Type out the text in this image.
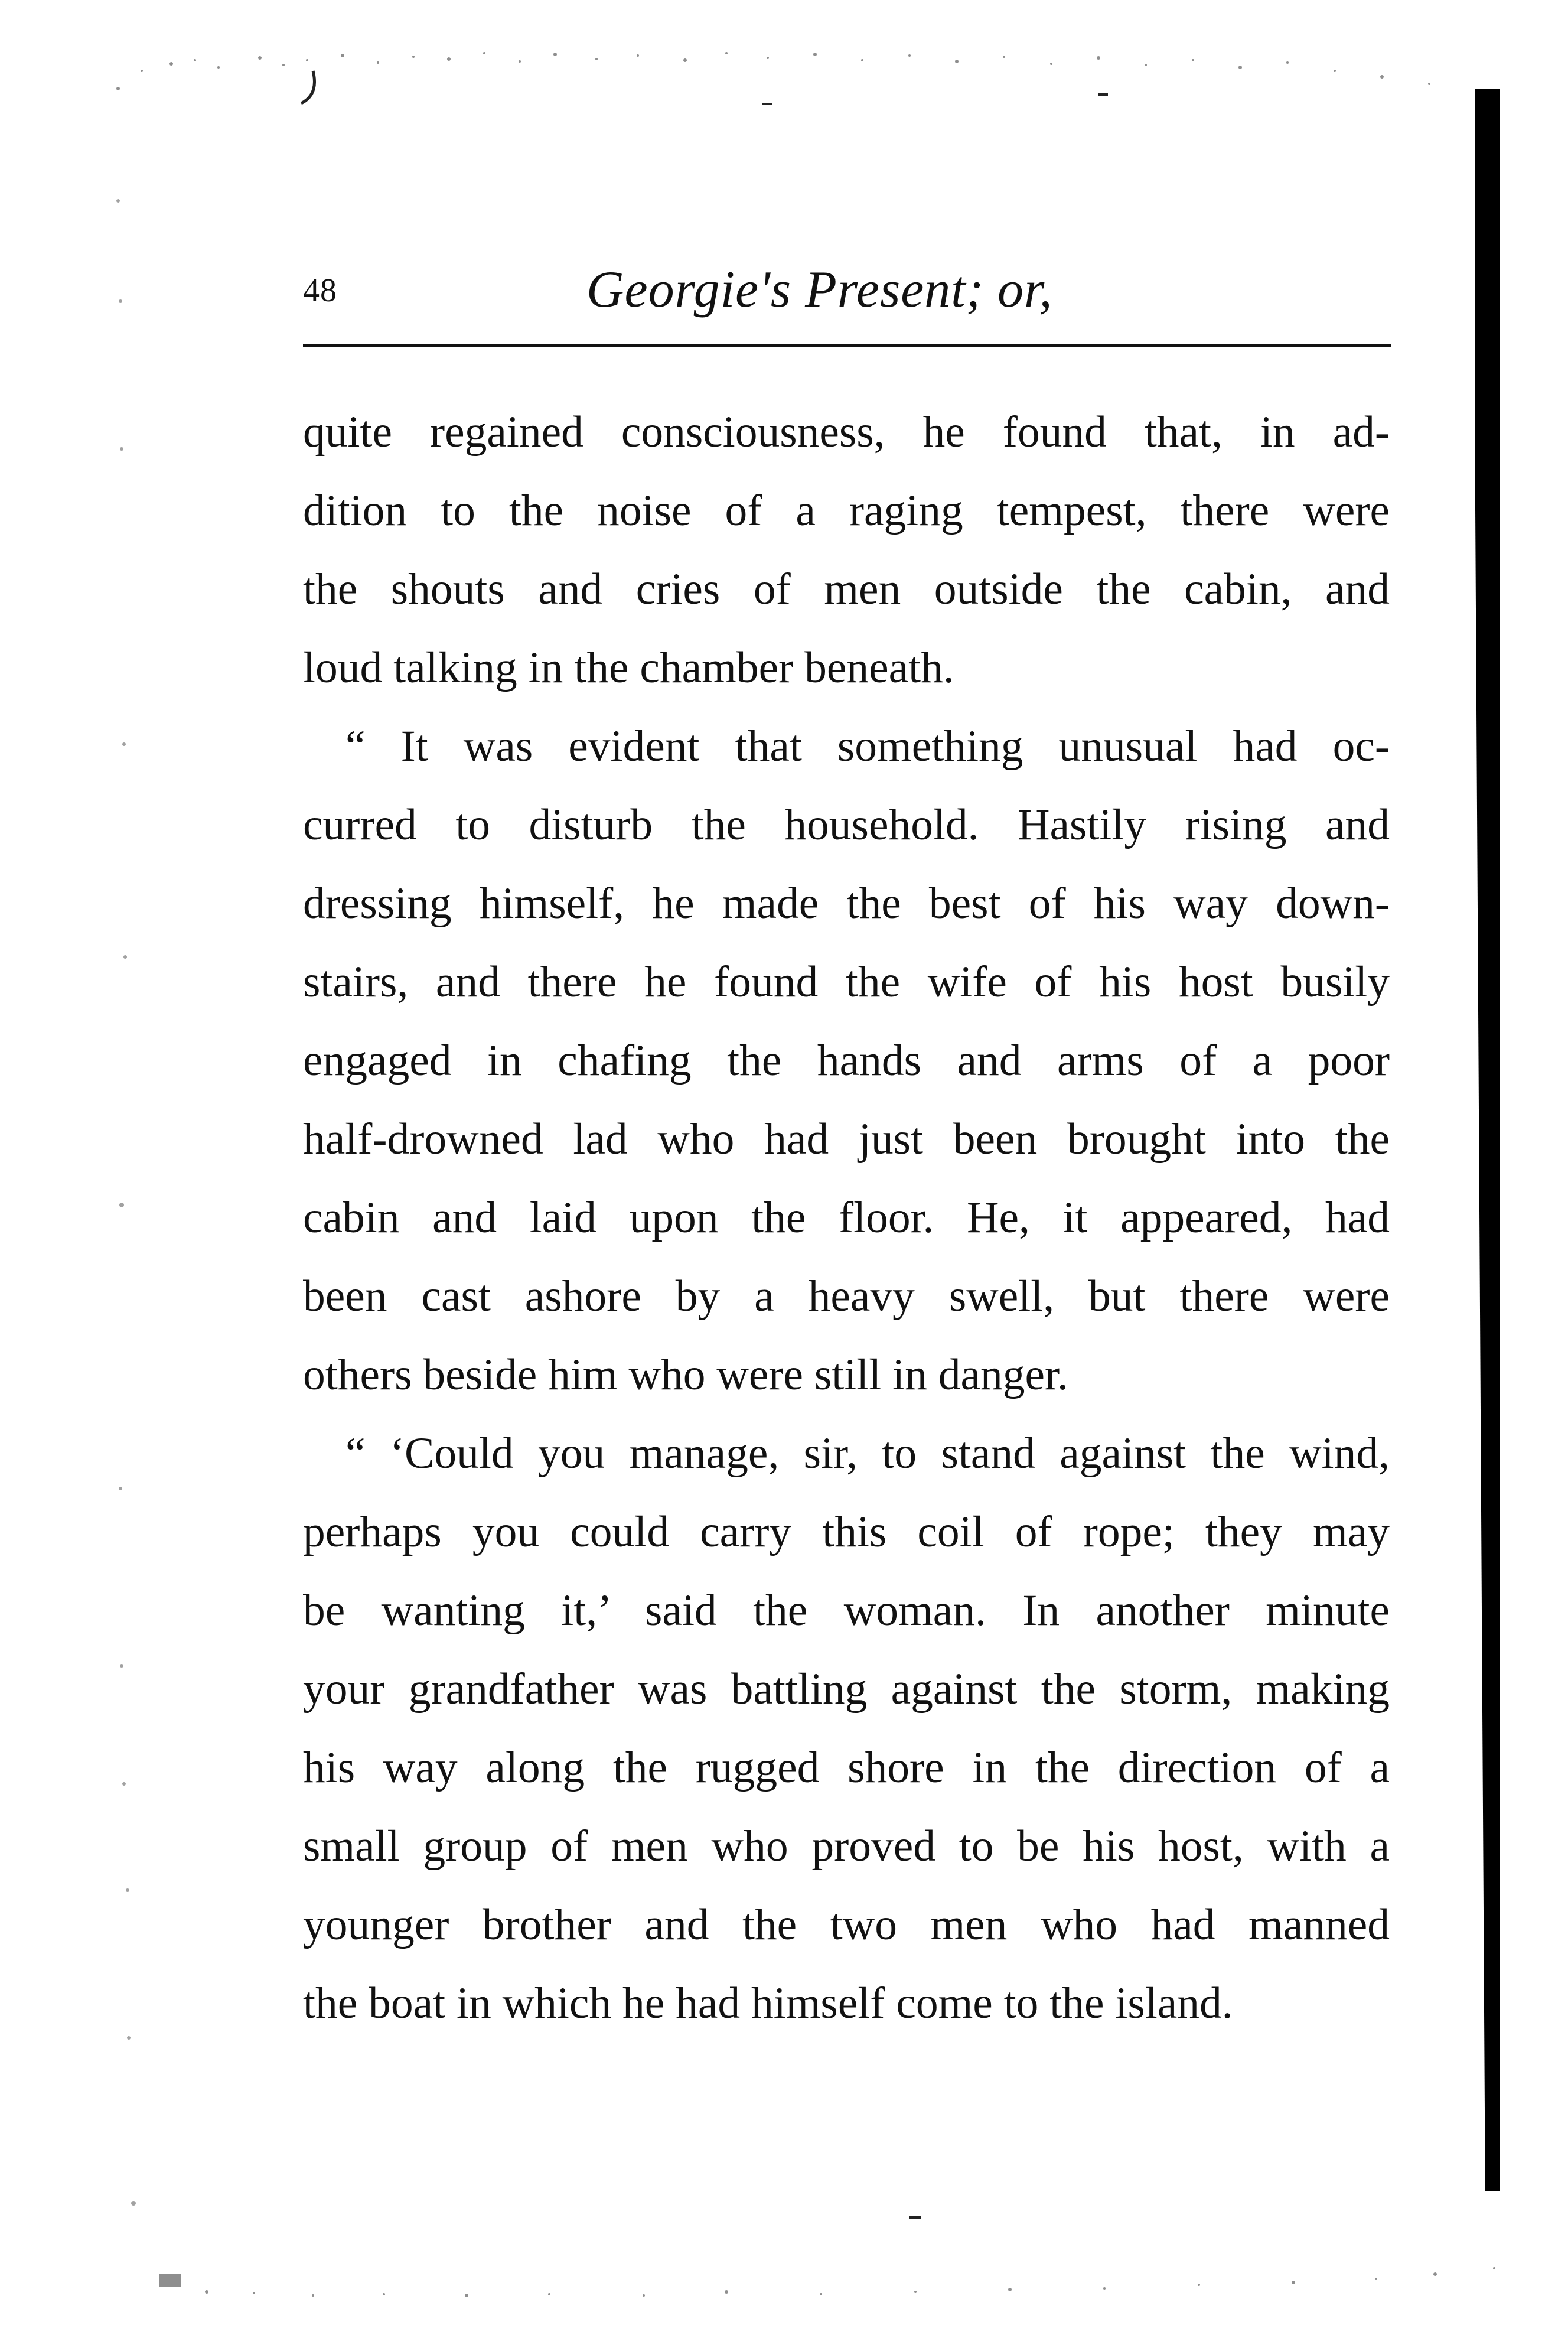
48	Georgie's Present; or,
quite regained consciousness, he found that, in ad-
dition to the noise of a raging tempest, there were
the shouts and cries of men outside the cabin, and
loud talking in the chamber beneath.
“ It was evident that something unusual had oc-
curred to disturb the household. Hastily rising and
dressing himself, he made the best of his way down-
stairs, and there he found the wife of his host busily
engaged in chafing the hands and arms of a poor
half-drowned lad who had just been brought into the
cabin and laid upon the floor. He, it appeared, had
been cast ashore by a heavy swell, but there were
others beside him who were still in danger.
“ ‘Could you manage, sir, to stand against the wind,
perhaps you could carry this coil of rope; they may
be wanting it,’ said the woman. In another minute
your grandfather was battling against the storm, making
his way along the rugged shore in the direction of a
small group of men who proved to be his host, with a
younger brother and the two men who had manned
the boat in which he had himself come to the island.
